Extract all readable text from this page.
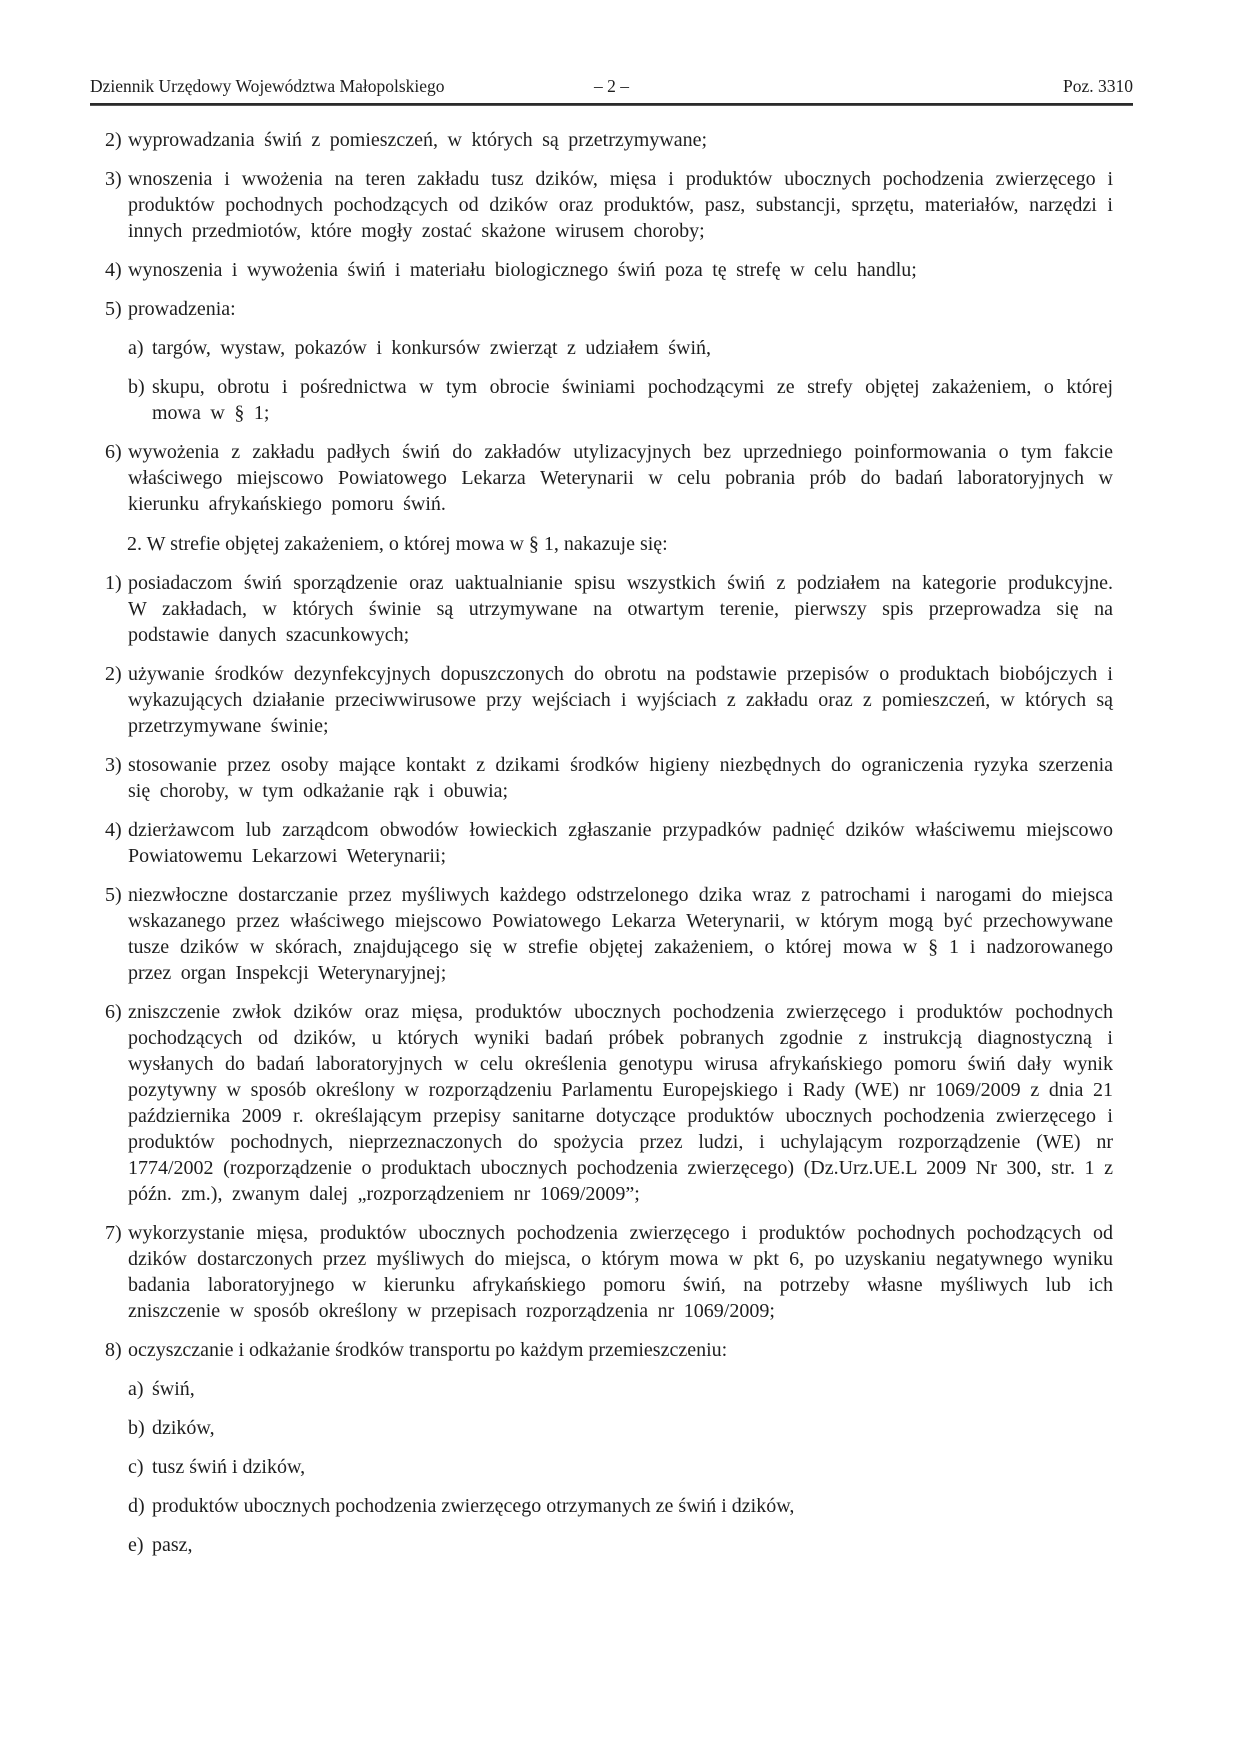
Dziennik Urzędowy Województwa Małopolskiego	– 2 –	Poz. 3310
2) wyprowadzania świń z pomieszczeń, w których są przetrzymywane;
3) wnoszenia i wwożenia na teren zakładu tusz dzików, mięsa i produktów ubocznych pochodzenia zwierzęcego i produktów pochodnych pochodzących od dzików oraz produktów, pasz, substancji, sprzętu, materiałów, narzędzi i innych przedmiotów, które mogły zostać skażone wirusem choroby;
4) wynoszenia i wywożenia świń i materiału biologicznego świń poza tę strefę w celu handlu;
5) prowadzenia:
a) targów, wystaw, pokazów i konkursów zwierząt z udziałem świń,
b) skupu, obrotu i pośrednictwa w tym obrocie świniami pochodzącymi ze strefy objętej zakażeniem, o której mowa w § 1;
6) wywożenia z zakładu padłych świń do zakładów utylizacyjnych bez uprzedniego poinformowania o tym fakcie właściwego miejscowo Powiatowego Lekarza Weterynarii w celu pobrania prób do badań laboratoryjnych w kierunku afrykańskiego pomoru świń.

2. W strefie objętej zakażeniem, o której mowa w § 1, nakazuje się:

1) posiadaczom świń sporządzenie oraz uaktualnianie spisu wszystkich świń z podziałem na kategorie produkcyjne. W zakładach, w których świnie są utrzymywane na otwartym terenie, pierwszy spis przeprowadza się na podstawie danych szacunkowych;
2) używanie środków dezynfekcyjnych dopuszczonych do obrotu na podstawie przepisów o produktach biobójczych i wykazujących działanie przeciwwirusowe przy wejściach i wyjściach z zakładu oraz z pomieszczeń, w których są przetrzymywane świnie;
3) stosowanie przez osoby mające kontakt z dzikami środków higieny niezbędnych do ograniczenia ryzyka szerzenia się choroby, w tym odkażanie rąk i obuwia;
4) dzierżawcom lub zarządcom obwodów łowieckich zgłaszanie przypadków padnięć dzików właściwemu miejscowo Powiatowemu Lekarzowi Weterynarii;
5) niezwłoczne dostarczanie przez myśliwych każdego odstrzelonego dzika wraz z patrochami i narogami do miejsca wskazanego przez właściwego miejscowo Powiatowego Lekarza Weterynarii, w którym mogą być przechowywane tusze dzików w skórach, znajdującego się w strefie objętej zakażeniem, o której mowa w § 1 i nadzorowanego przez organ Inspekcji Weterynaryjnej;
6) zniszczenie zwłok dzików oraz mięsa, produktów ubocznych pochodzenia zwierzęcego i produktów pochodnych pochodzących od dzików, u których wyniki badań próbek pobranych zgodnie z instrukcją diagnostyczną i wysłanych do badań laboratoryjnych w celu określenia genotypu wirusa afrykańskiego pomoru świń dały wynik pozytywny w sposób określony w rozporządzeniu Parlamentu Europejskiego i Rady (WE) nr 1069/2009 z dnia 21 października 2009 r. określającym przepisy sanitarne dotyczące produktów ubocznych pochodzenia zwierzęcego i produktów pochodnych, nieprzeznaczonych do spożycia przez ludzi, i uchylającym rozporządzenie (WE) nr 1774/2002 (rozporządzenie o produktach ubocznych pochodzenia zwierzęcego) (Dz.Urz.UE.L 2009 Nr 300, str. 1 z późn. zm.), zwanym dalej „rozporządzeniem nr 1069/2009”;
7) wykorzystanie mięsa, produktów ubocznych pochodzenia zwierzęcego i produktów pochodnych pochodzących od dzików dostarczonych przez myśliwych do miejsca, o którym mowa w pkt 6, po uzyskaniu negatywnego wyniku badania laboratoryjnego w kierunku afrykańskiego pomoru świń, na potrzeby własne myśliwych lub ich zniszczenie w sposób określony w przepisach rozporządzenia nr 1069/2009;
8) oczyszczanie i odkażanie środków transportu po każdym przemieszczeniu:
a) świń,
b) dzików,
c) tusz świń i dzików,
d) produktów ubocznych pochodzenia zwierzęcego otrzymanych ze świń i dzików,
e) pasz,
